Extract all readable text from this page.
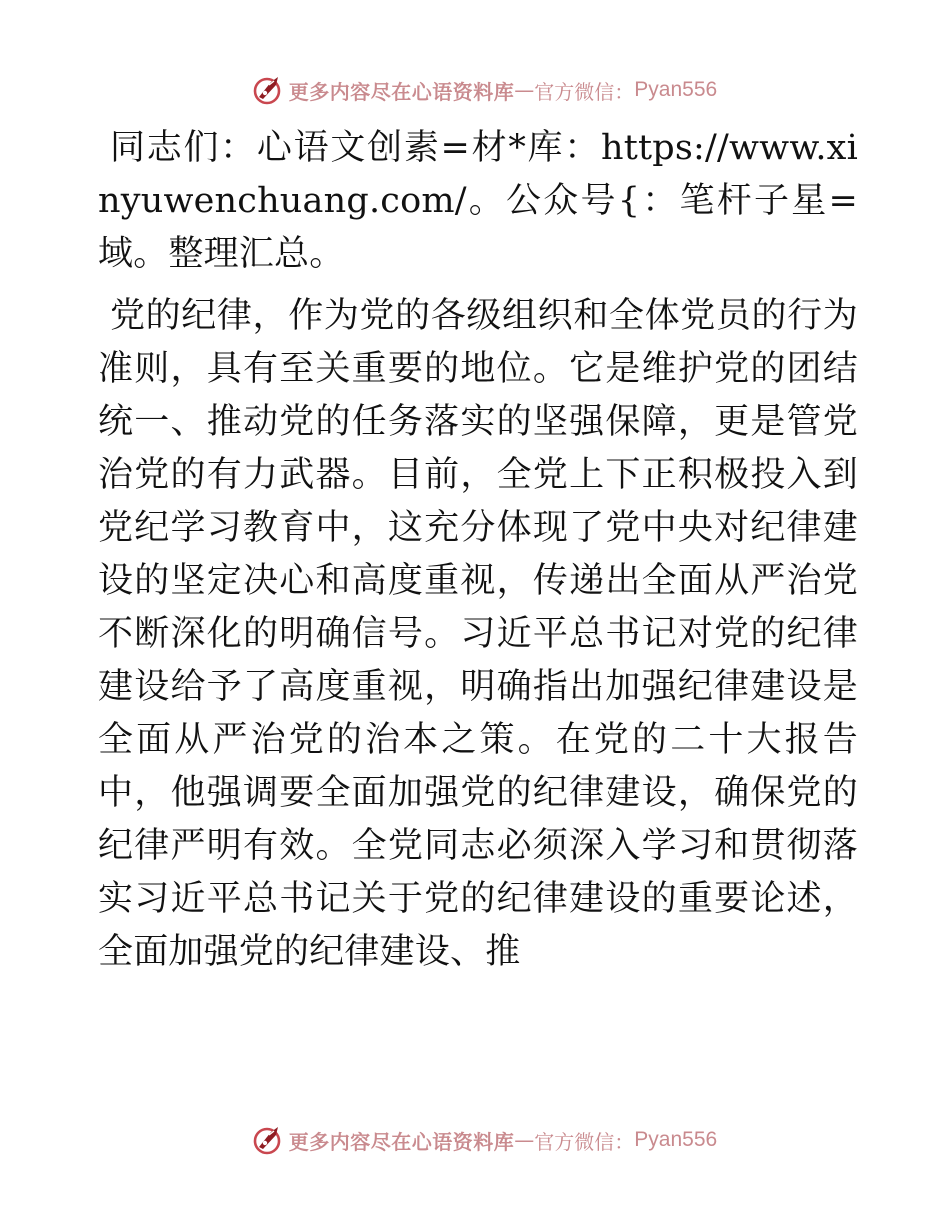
更多内容尽在心语资料库 — 官方微信： Pyan556

同志们：心语文创素=材*库：https://www.xinyuwenchuang.com/。公众号{：笔杆子星=域。整理汇总。

党的纪律，作为党的各级组织和全体党员的行为准则，具有至关重要的地位。它是维护党的团结统一、推动党的任务落实的坚强保障，更是管党治党的有力武器。目前，全党上下正积极投入到党纪学习教育中，这充分体现了党中央对纪律建设的坚定决心和高度重视，传递出全面从严治党不断深化的明确信号。习近平总书记对党的纪律建设给予了高度重视，明确指出加强纪律建设是全面从严治党的治本之策。在党的二十大报告中，他强调要全面加强党的纪律建设，确保党的纪律严明有效。全党同志必须深入学习和贯彻落实习近平总书记关于党的纪律建设的重要论述，全面加强党的纪律建设、推

更多内容尽在心语资料库 — 官方微信： Pyan556
